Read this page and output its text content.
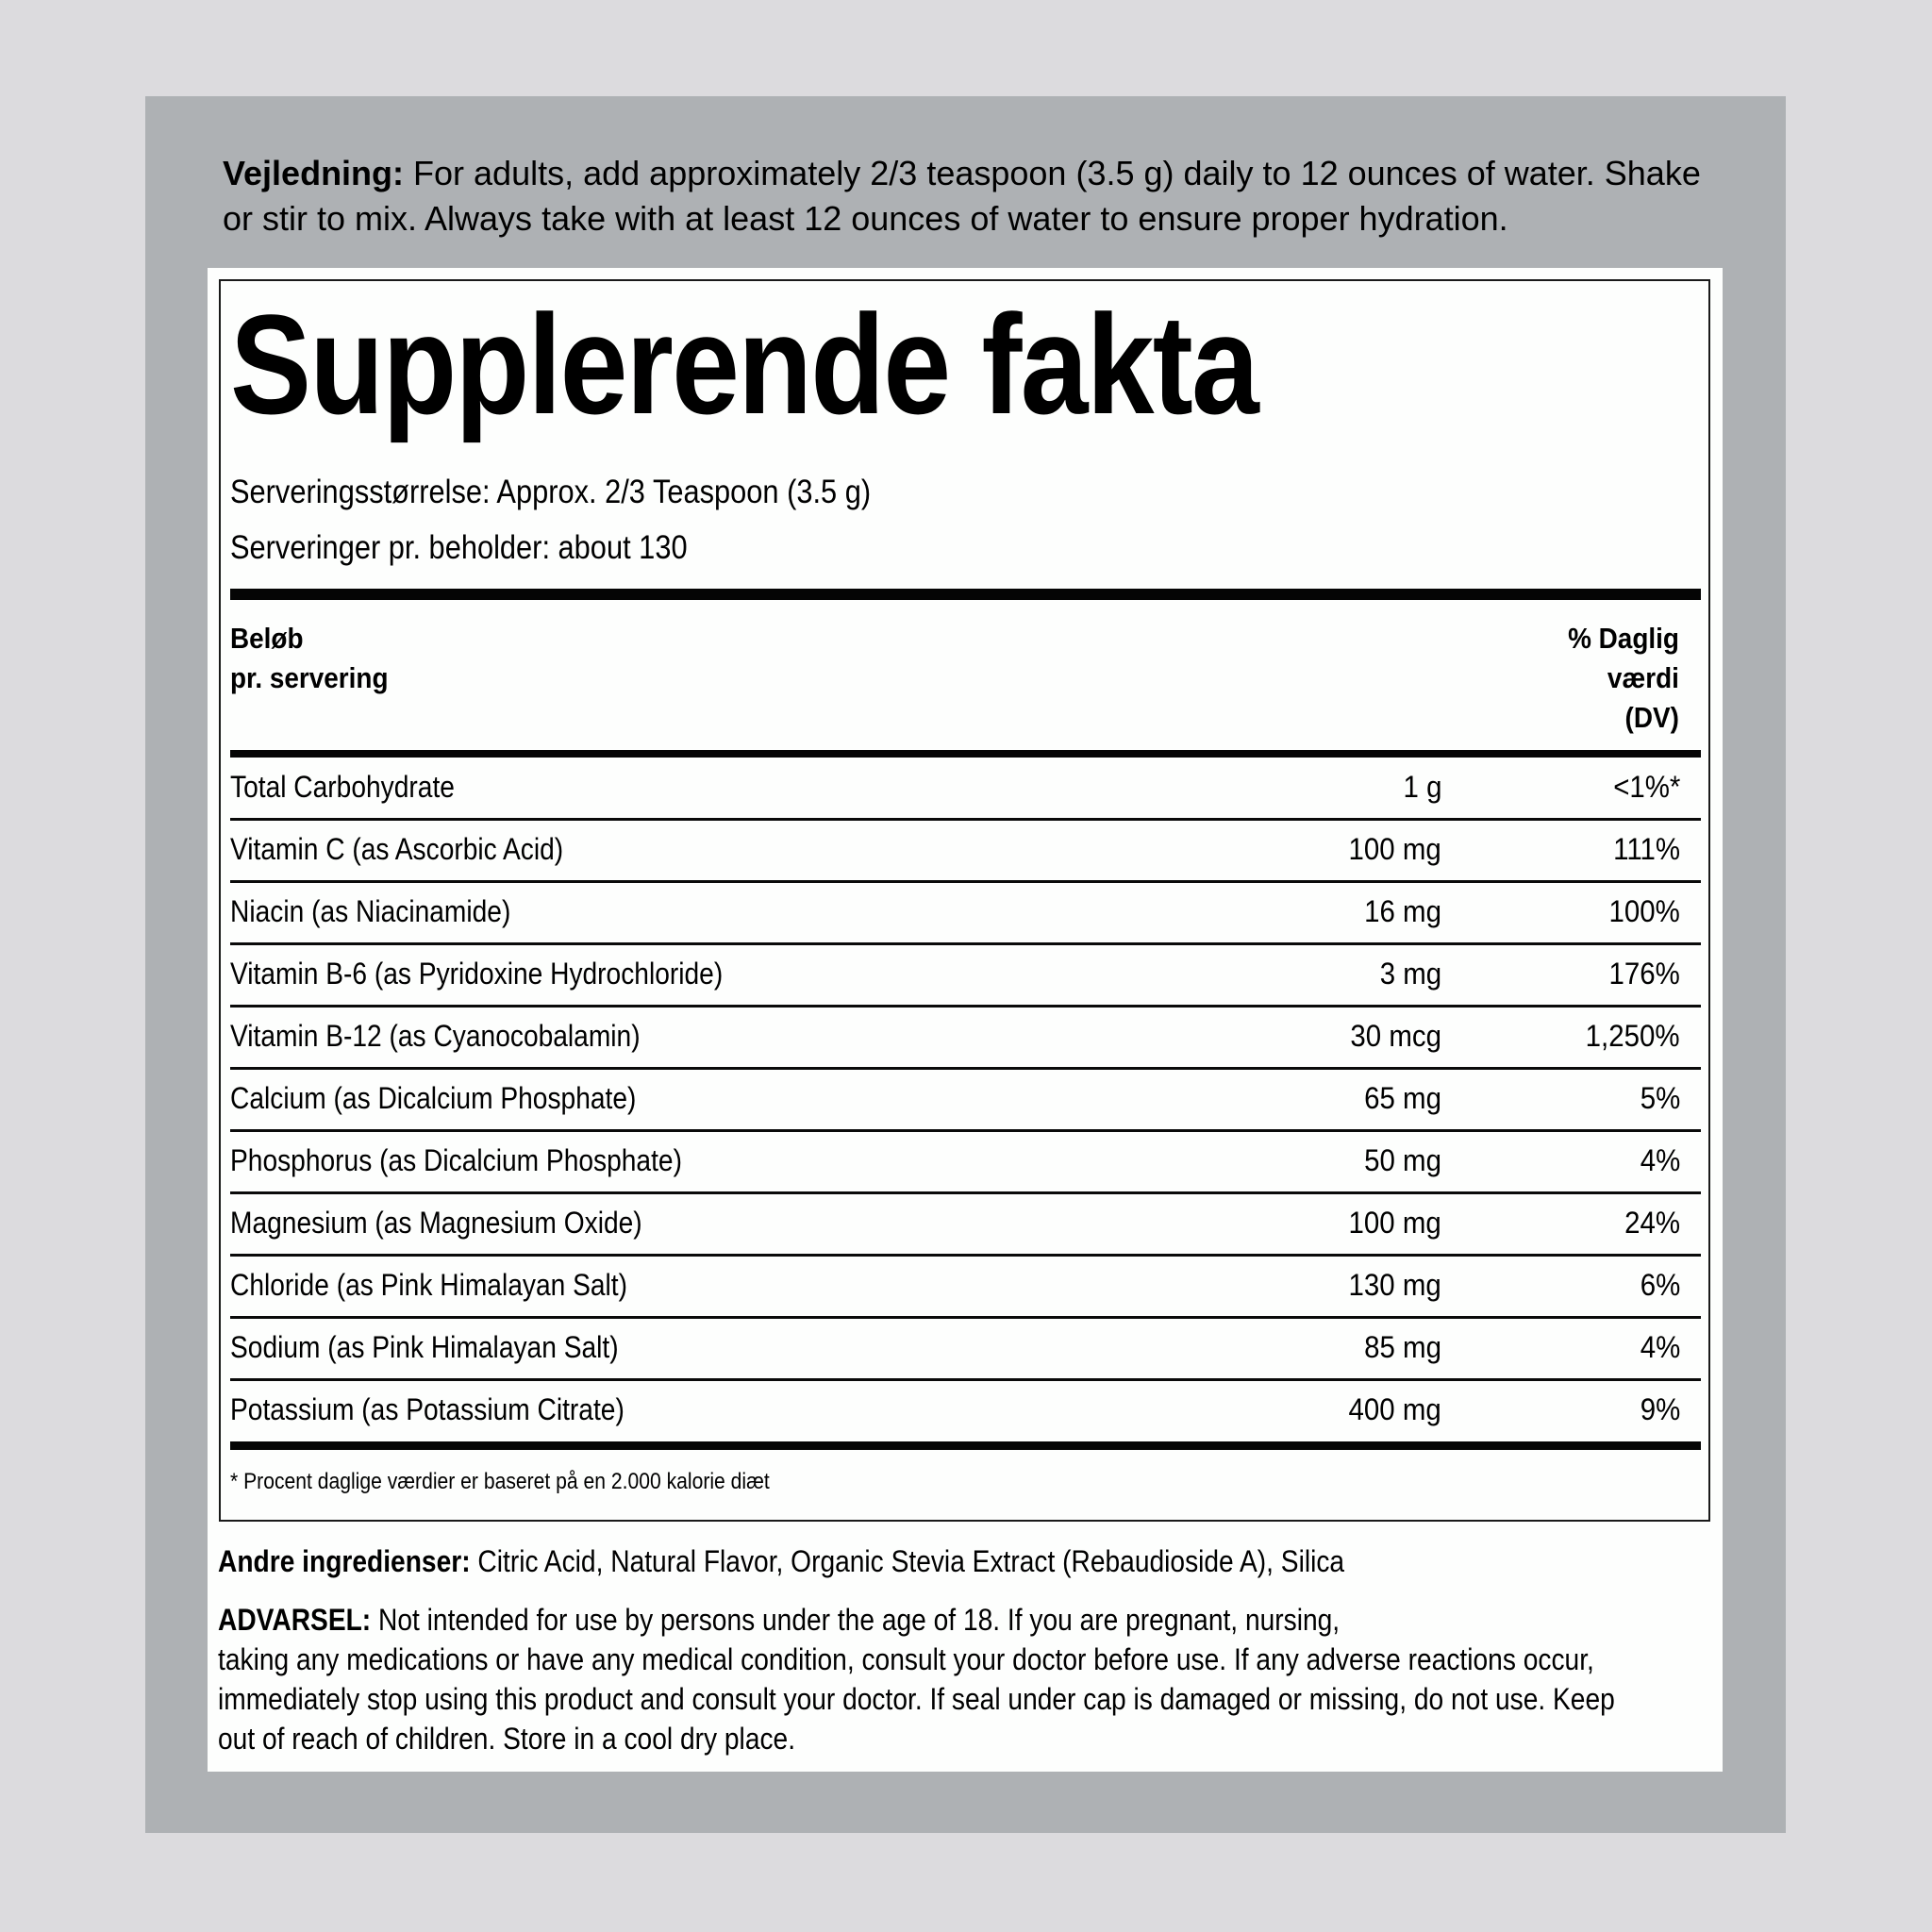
Vejledning: For adults, add approximately 2/3 teaspoon (3.5 g) daily to 12 ounces of water. Shake or stir to mix. Always take with at least 12 ounces of water to ensure proper hydration.
Supplerende fakta
Serveringsstørrelse: Approx. 2/3 Teaspoon (3.5 g)
Serveringer pr. beholder: about 130
Beløb
pr. servering
% Daglig
værdi
(DV)
Total Carbohydrate	1 g	<1%*
Vitamin C (as Ascorbic Acid)	100 mg	111%
Niacin (as Niacinamide)	16 mg	100%
Vitamin B-6 (as Pyridoxine Hydrochloride)	3 mg	176%
Vitamin B-12 (as Cyanocobalamin)	30 mcg	1,250%
Calcium (as Dicalcium Phosphate)	65 mg	5%
Phosphorus (as Dicalcium Phosphate)	50 mg	4%
Magnesium (as Magnesium Oxide)	100 mg	24%
Chloride (as Pink Himalayan Salt)	130 mg	6%
Sodium (as Pink Himalayan Salt)	85 mg	4%
Potassium (as Potassium Citrate)	400 mg	9%
* Procent daglige værdier er baseret på en 2.000 kalorie diæt
Andre ingredienser: Citric Acid, Natural Flavor, Organic Stevia Extract (Rebaudioside A), Silica
ADVARSEL: Not intended for use by persons under the age of 18. If you are pregnant, nursing,
taking any medications or have any medical condition, consult your doctor before use. If any adverse reactions occur,
immediately stop using this product and consult your doctor. If seal under cap is damaged or missing, do not use. Keep
out of reach of children. Store in a cool dry place.
